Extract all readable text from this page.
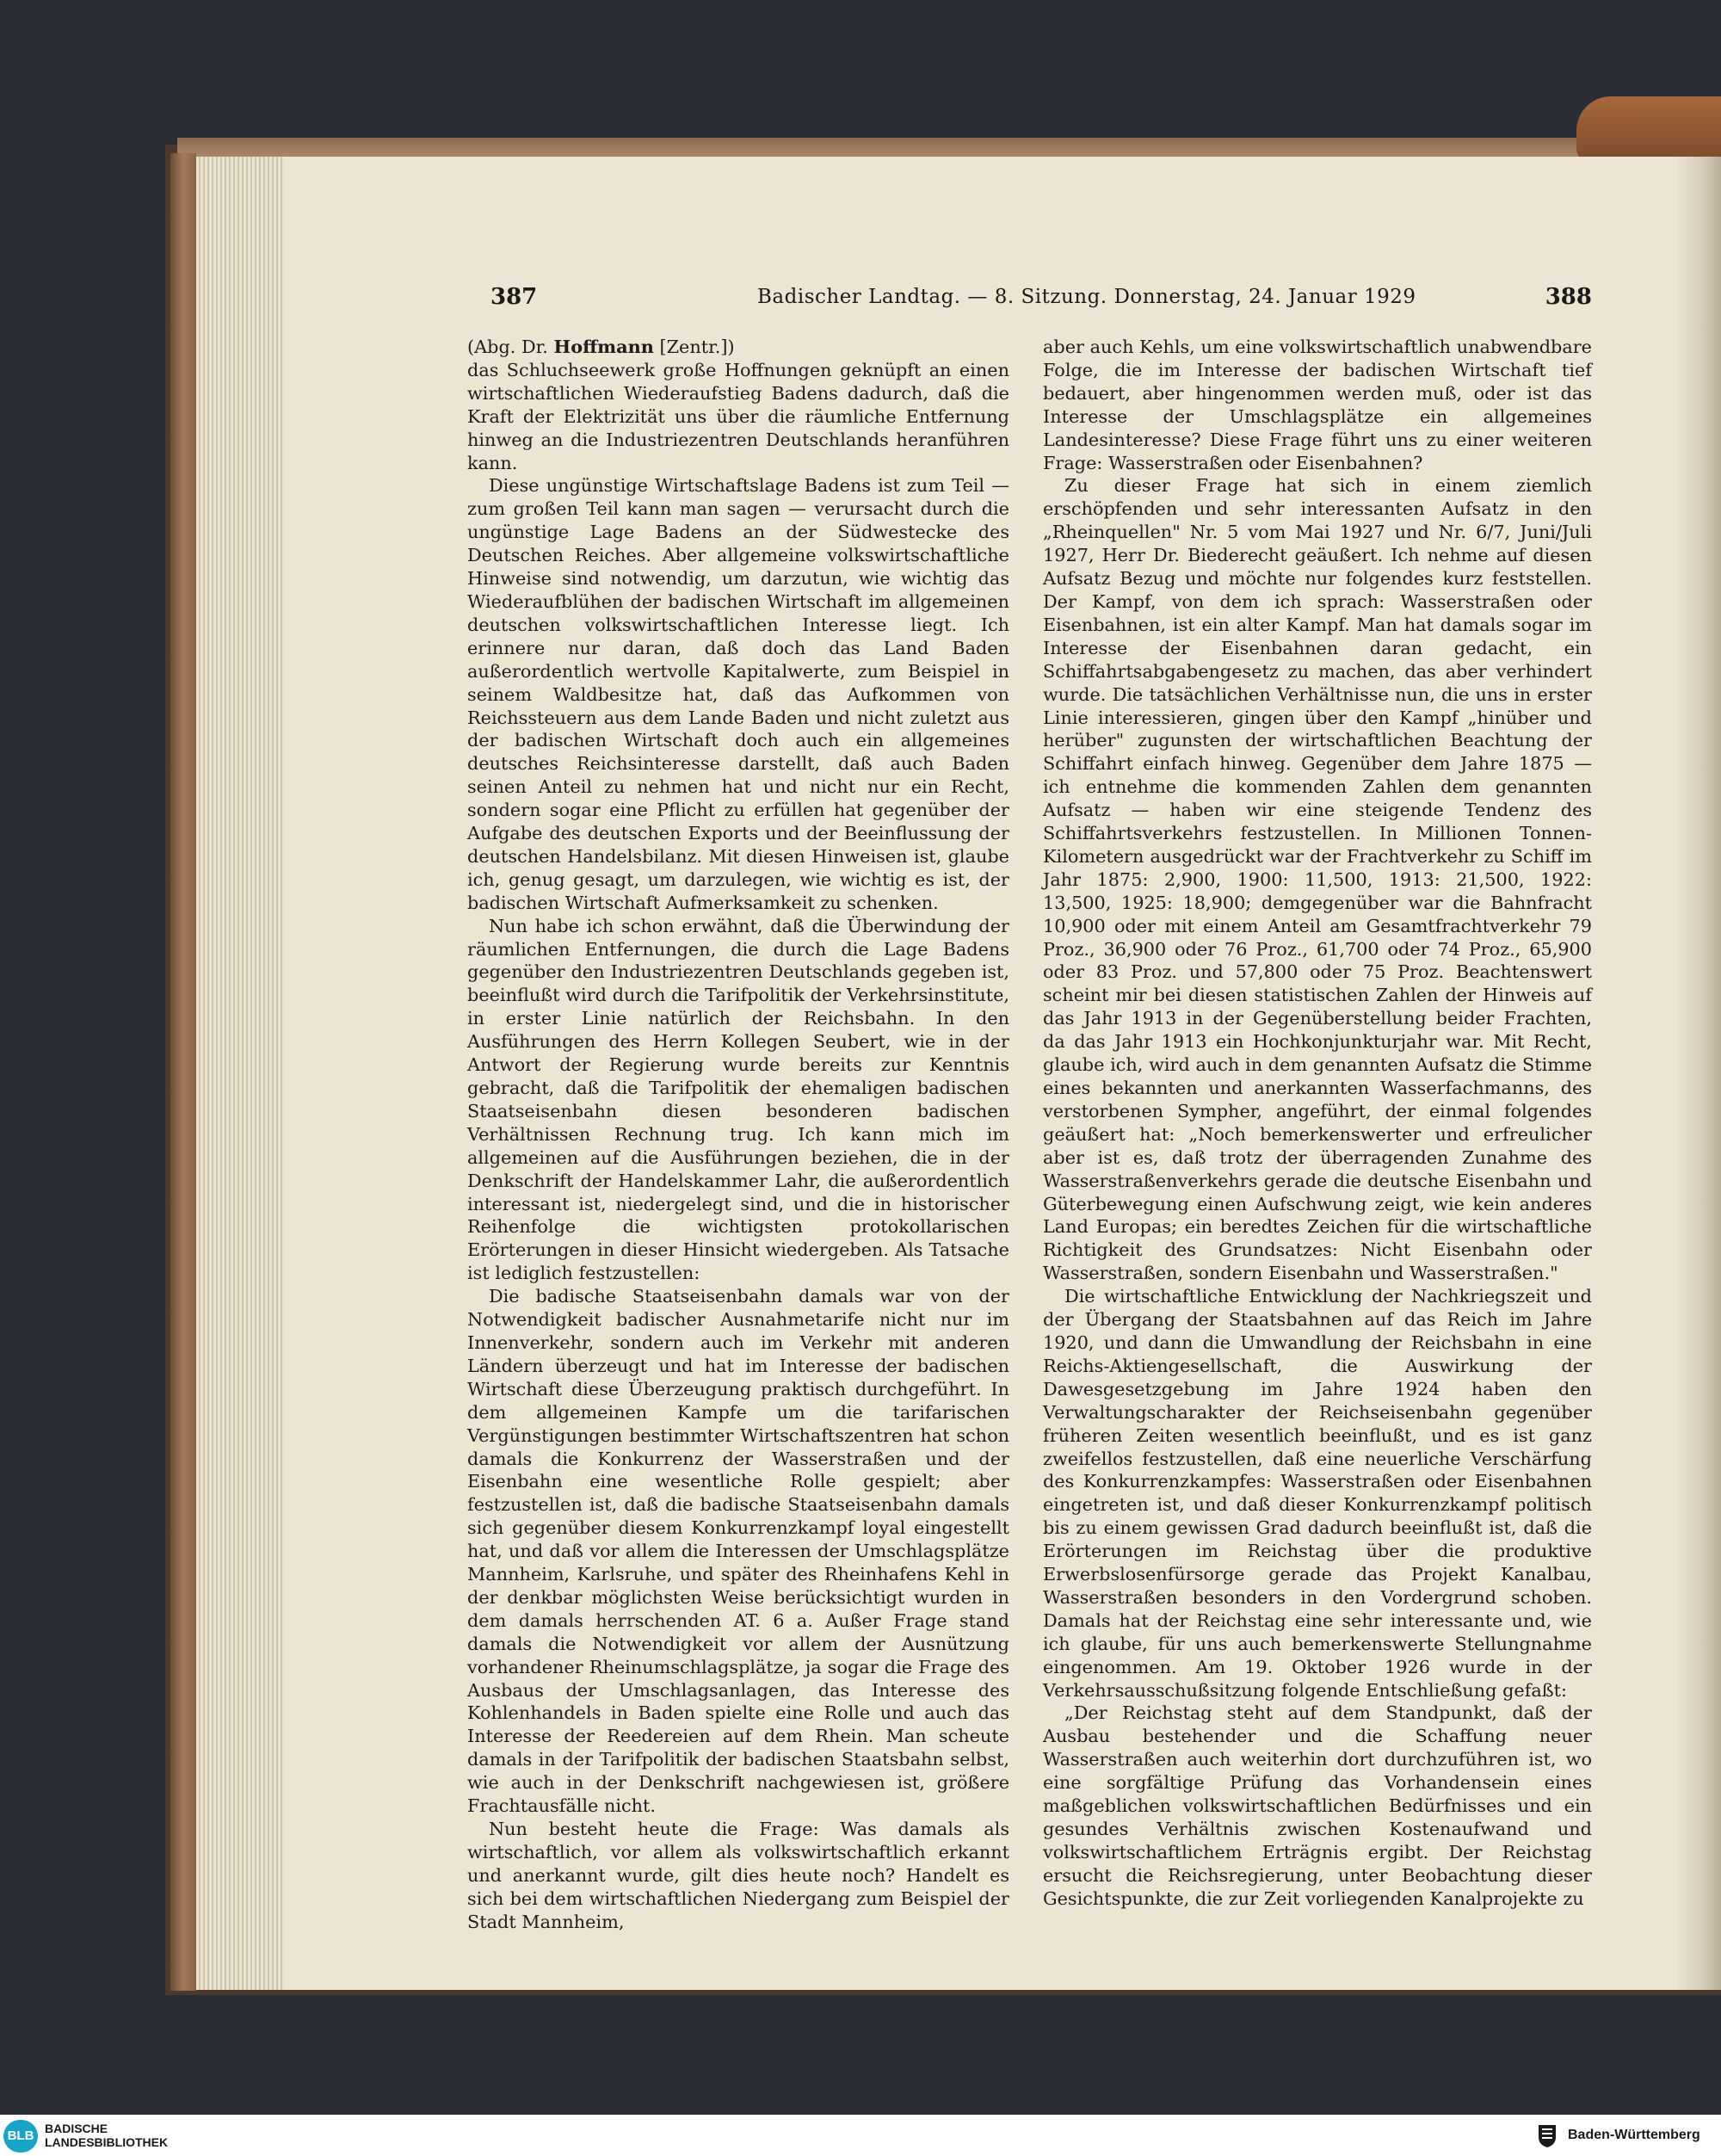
387	Badischer Landtag. — 8. Sitzung. Donnerstag, 24. Januar 1929	388
(Abg. Dr. Hoffmann [Zentr.])

das Schluchseewerk große Hoffnungen geknüpft an einen wirtschaftlichen Wiederaufstieg Badens dadurch, daß die Kraft der Elektrizität uns über die räumliche Entfernung hinweg an die Industriezentren Deutschlands heranführen kann.

Diese ungünstige Wirtschaftslage Badens ist zum Teil — zum großen Teil kann man sagen — verursacht durch die ungünstige Lage Badens an der Südwestecke des Deutschen Reiches. Aber allgemeine volkswirtschaftliche Hinweise sind notwendig, um darzutun, wie wichtig das Wiederaufblühen der badischen Wirtschaft im allgemeinen deutschen volkswirtschaftlichen Interesse liegt. Ich erinnere nur daran, daß doch das Land Baden außerordentlich wertvolle Kapitalwerte, zum Beispiel in seinem Waldbesitze hat, daß das Aufkommen von Reichssteuern aus dem Lande Baden und nicht zuletzt aus der badischen Wirtschaft doch auch ein allgemeines deutsches Reichsinteresse darstellt, daß auch Baden seinen Anteil zu nehmen hat und nicht nur ein Recht, sondern sogar eine Pflicht zu erfüllen hat gegenüber der Aufgabe des deutschen Exports und der Beeinflussung der deutschen Handelsbilanz. Mit diesen Hinweisen ist, glaube ich, genug gesagt, um darzulegen, wie wichtig es ist, der badischen Wirtschaft Aufmerksamkeit zu schenken.

Nun habe ich schon erwähnt, daß die Überwindung der räumlichen Entfernungen, die durch die Lage Badens gegenüber den Industriezentren Deutschlands gegeben ist, beeinflußt wird durch die Tarifpolitik der Verkehrsinstitute, in erster Linie natürlich der Reichsbahn. In den Ausführungen des Herrn Kollegen Seubert, wie in der Antwort der Regierung wurde bereits zur Kenntnis gebracht, daß die Tarifpolitik der ehemaligen badischen Staatseisenbahn diesen besonderen badischen Verhältnissen Rechnung trug. Ich kann mich im allgemeinen auf die Ausführungen beziehen, die in der Denkschrift der Handelskammer Lahr, die außerordentlich interessant ist, niedergelegt sind, und die in historischer Reihenfolge die wichtigsten protokollarischen Erörterungen in dieser Hinsicht wiedergeben. Als Tatsache ist lediglich festzustellen:

Die badische Staatseisenbahn damals war von der Notwendigkeit badischer Ausnahmetarife nicht nur im Innenverkehr, sondern auch im Verkehr mit anderen Ländern überzeugt und hat im Interesse der badischen Wirtschaft diese Überzeugung praktisch durchgeführt. In dem allgemeinen Kampfe um die tarifarischen Vergünstigungen bestimmter Wirtschaftszentren hat schon damals die Konkurrenz der Wasserstraßen und der Eisenbahn eine wesentliche Rolle gespielt; aber festzustellen ist, daß die badische Staatseisenbahn damals sich gegenüber diesem Konkurrenzkampf loyal eingestellt hat, und daß vor allem die Interessen der Umschlagsplätze Mannheim, Karlsruhe, und später des Rheinhafens Kehl in der denkbar möglichsten Weise berücksichtigt wurden in dem damals herrschenden AT. 6 a. Außer Frage stand damals die Notwendigkeit vor allem der Ausnützung vorhandener Rheinumschlagsplätze, ja sogar die Frage des Ausbaus der Umschlagsanlagen, das Interesse des Kohlenhandels in Baden spielte eine Rolle und auch das Interesse der Reedereien auf dem Rhein. Man scheute damals in der Tarifpolitik der badischen Staatsbahn selbst, wie auch in der Denkschrift nachgewiesen ist, größere Frachtausfälle nicht.

Nun besteht heute die Frage: Was damals als wirtschaftlich, vor allem als volkswirtschaftlich erkannt und anerkannt wurde, gilt dies heute noch? Handelt es sich bei dem wirtschaftlichen Niedergang zum Beispiel der Stadt Mannheim,

aber auch Kehls, um eine volkswirtschaftlich unabwendbare Folge, die im Interesse der badischen Wirtschaft tief bedauert, aber hingenommen werden muß, oder ist das Interesse der Umschlagsplätze ein allgemeines Landesinteresse? Diese Frage führt uns zu einer weiteren Frage: Wasserstraßen oder Eisenbahnen?

Zu dieser Frage hat sich in einem ziemlich erschöpfenden und sehr interessanten Aufsatz in den „Rheinquellen" Nr. 5 vom Mai 1927 und Nr. 6/7, Juni/Juli 1927, Herr Dr. Biederecht geäußert. Ich nehme auf diesen Aufsatz Bezug und möchte nur folgendes kurz feststellen. Der Kampf, von dem ich sprach: Wasserstraßen oder Eisenbahnen, ist ein alter Kampf. Man hat damals sogar im Interesse der Eisenbahnen daran gedacht, ein Schiffahrtsabgabengesetz zu machen, das aber verhindert wurde. Die tatsächlichen Verhältnisse nun, die uns in erster Linie interessieren, gingen über den Kampf „hinüber und herüber" zugunsten der wirtschaftlichen Beachtung der Schiffahrt einfach hinweg. Gegenüber dem Jahre 1875 — ich entnehme die kommenden Zahlen dem genannten Aufsatz — haben wir eine steigende Tendenz des Schiffahrtsverkehrs festzustellen. In Millionen Tonnen-Kilometern ausgedrückt war der Frachtverkehr zu Schiff im Jahr 1875: 2,900, 1900: 11,500, 1913: 21,500, 1922: 13,500, 1925: 18,900; demgegenüber war die Bahnfracht 10,900 oder mit einem Anteil am Gesamtfrachtverkehr 79 Proz., 36,900 oder 76 Proz., 61,700 oder 74 Proz., 65,900 oder 83 Proz. und 57,800 oder 75 Proz. Beachtenswert scheint mir bei diesen statistischen Zahlen der Hinweis auf das Jahr 1913 in der Gegenüberstellung beider Frachten, da das Jahr 1913 ein Hochkonjunkturjahr war. Mit Recht, glaube ich, wird auch in dem genannten Aufsatz die Stimme eines bekannten und anerkannten Wasserfachmanns, des verstorbenen Sympher, angeführt, der einmal folgendes geäußert hat: „Noch bemerkenswerter und erfreulicher aber ist es, daß trotz der überragenden Zunahme des Wasserstraßenverkehrs gerade die deutsche Eisenbahn und Güterbewegung einen Aufschwung zeigt, wie kein anderes Land Europas; ein beredtes Zeichen für die wirtschaftliche Richtigkeit des Grundsatzes: Nicht Eisenbahn oder Wasserstraßen, sondern Eisenbahn und Wasserstraßen."

Die wirtschaftliche Entwicklung der Nachkriegszeit und der Übergang der Staatsbahnen auf das Reich im Jahre 1920, und dann die Umwandlung der Reichsbahn in eine Reichs-Aktiengesellschaft, die Auswirkung der Dawesgesetzgebung im Jahre 1924 haben den Verwaltungscharakter der Reichseisenbahn gegenüber früheren Zeiten wesentlich beeinflußt, und es ist ganz zweifellos festzustellen, daß eine neuerliche Verschärfung des Konkurrenzkampfes: Wasserstraßen oder Eisenbahnen eingetreten ist, und daß dieser Konkurrenzkampf politisch bis zu einem gewissen Grad dadurch beeinflußt ist, daß die Erörterungen im Reichstag über die produktive Erwerbslosenfürsorge gerade das Projekt Kanalbau, Wasserstraßen besonders in den Vordergrund schoben. Damals hat der Reichstag eine sehr interessante und, wie ich glaube, für uns auch bemerkenswerte Stellungnahme eingenommen. Am 19. Oktober 1926 wurde in der Verkehrsausschußsitzung folgende Entschließung gefaßt:

„Der Reichstag steht auf dem Standpunkt, daß der Ausbau bestehender und die Schaffung neuer Wasserstraßen auch weiterhin dort durchzuführen ist, wo eine sorgfältige Prüfung das Vorhandensein eines maßgeblichen volkswirtschaftlichen Bedürfnisses und ein gesundes Verhältnis zwischen Kostenaufwand und volkswirtschaftlichem Erträgnis ergibt. Der Reichstag ersucht die Reichsregierung, unter Beobachtung dieser Gesichtspunkte, die zur Zeit vorliegenden Kanalprojekte zu

BLB BADISCHE
LANDESBIBLIOTHEK	Baden-Württemberg
